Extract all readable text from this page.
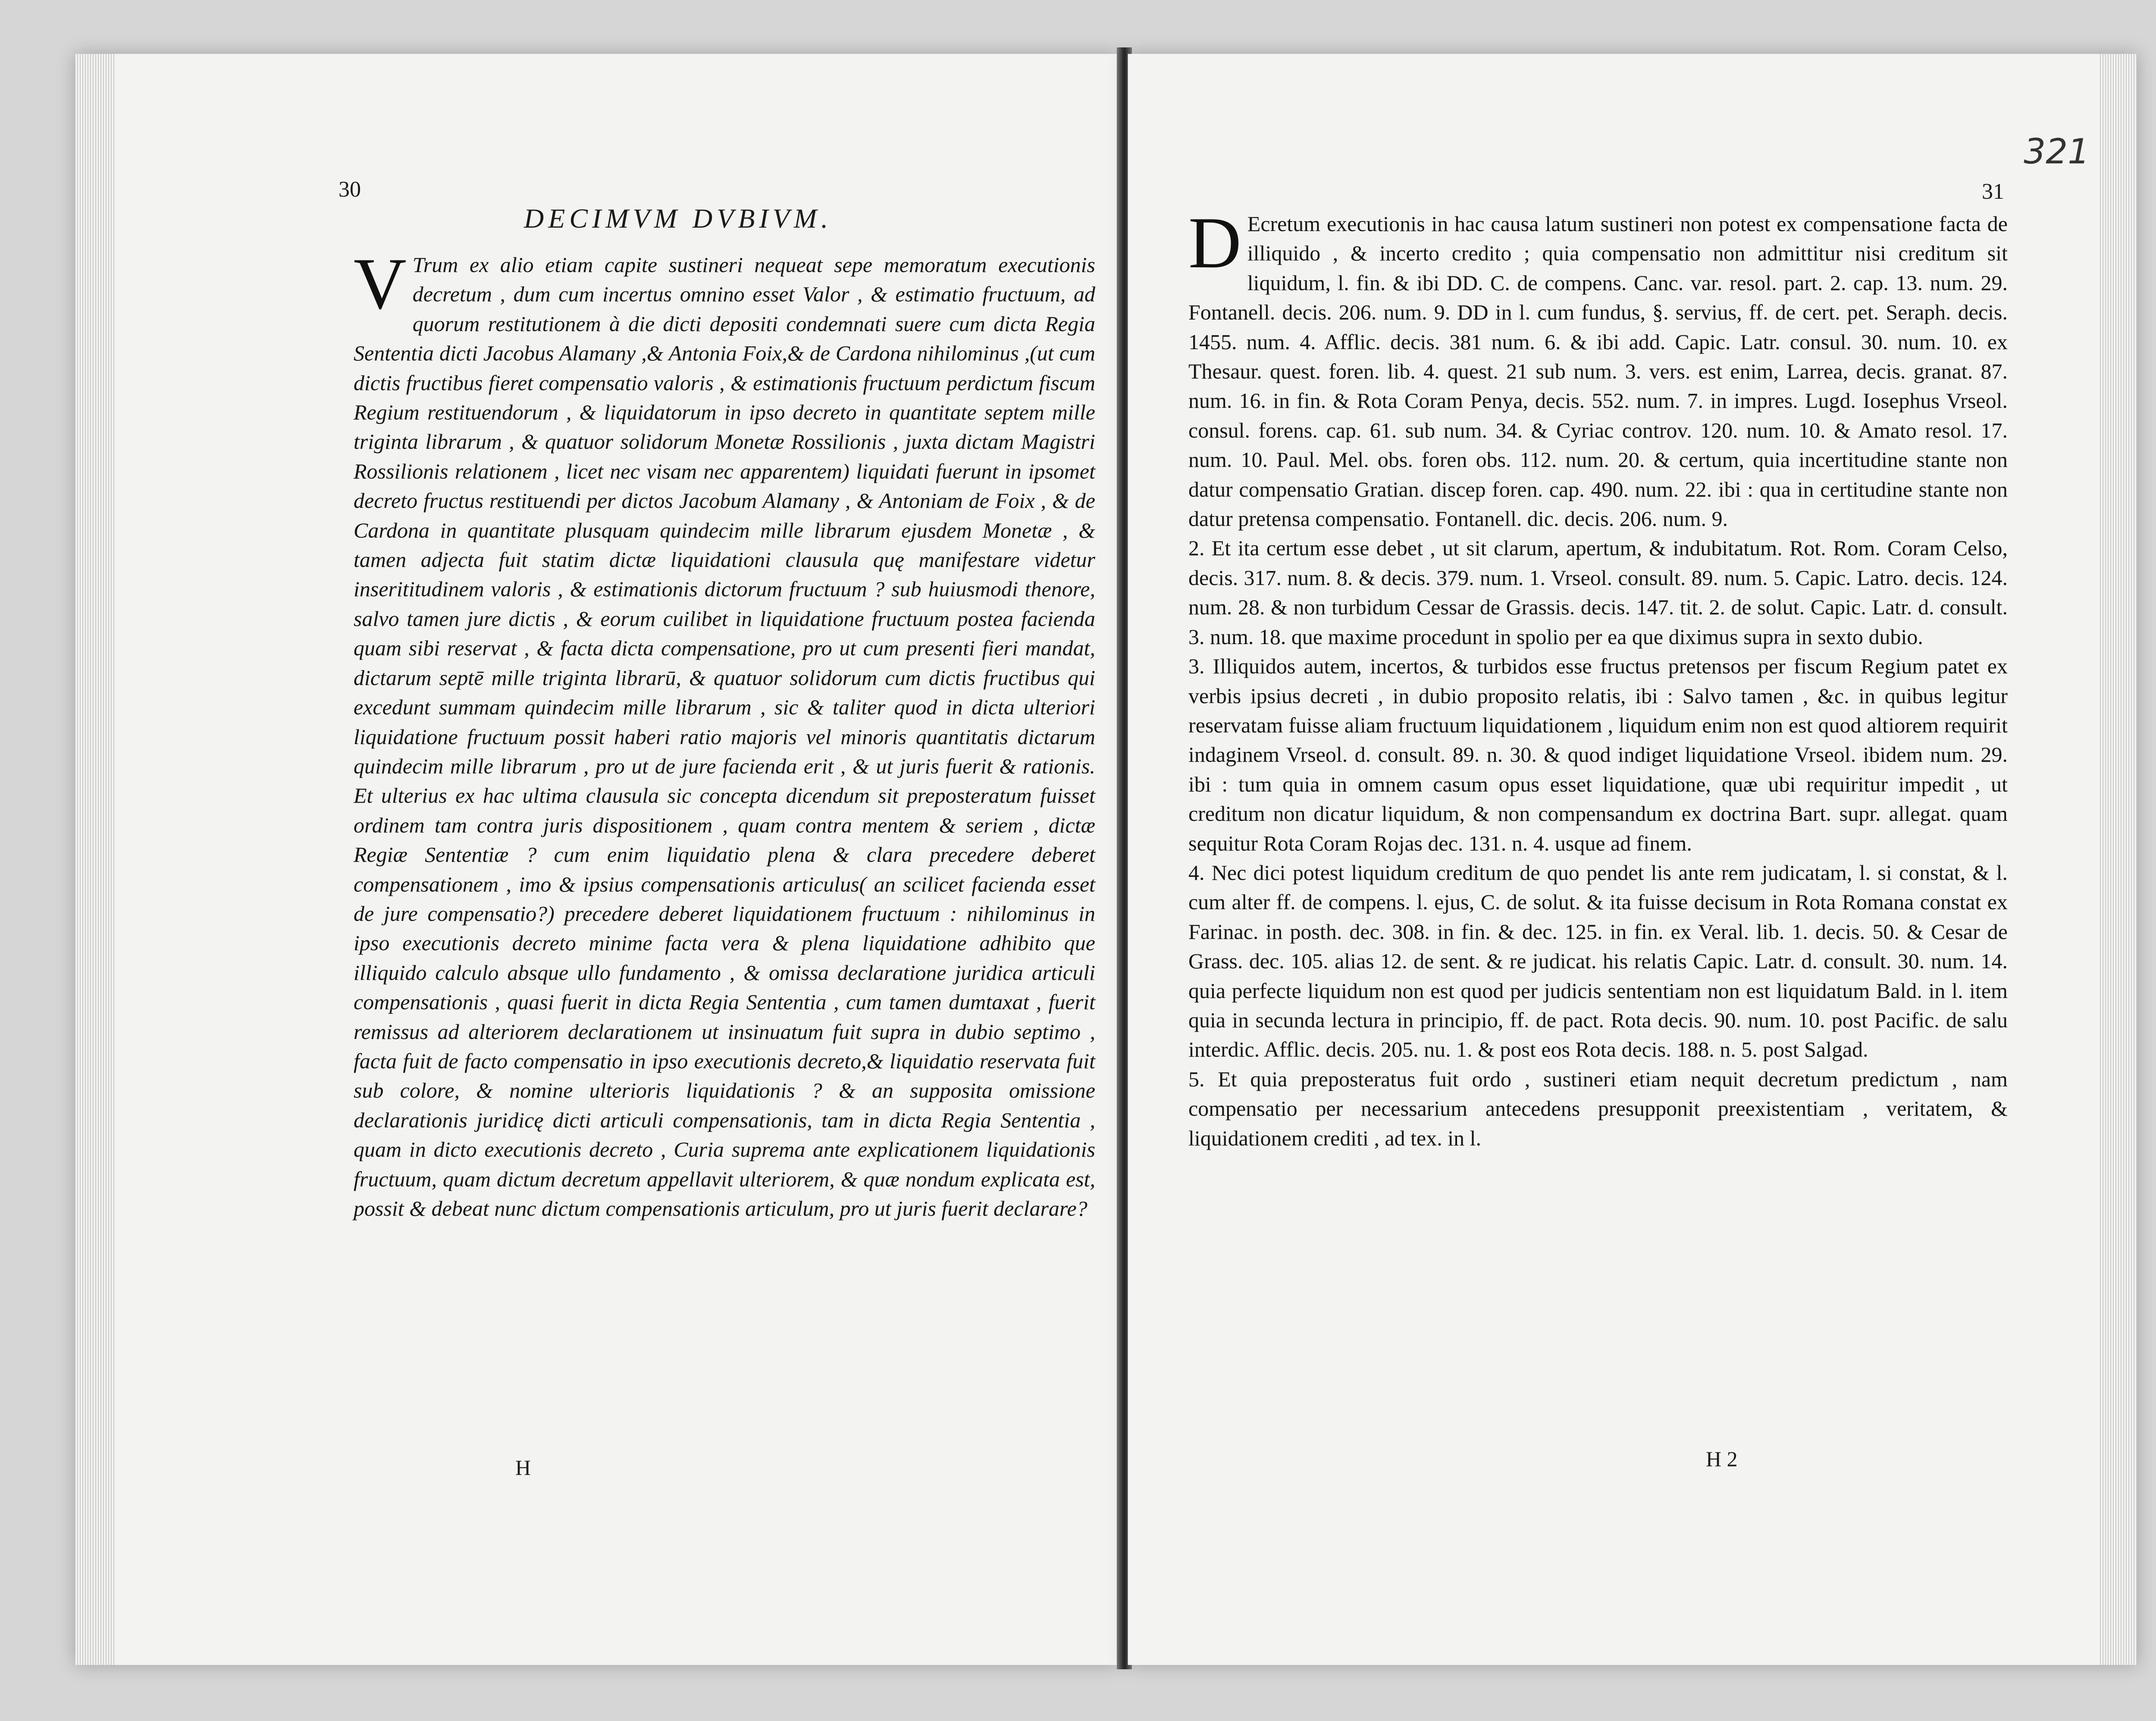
30
DECIMVM DVBIVM.

V Trum ex alio etiam capite sustineri nequeat sepe memoratum executionis decretum , dum cum incertus omnino esset Valor , & estimatio fructuum, ad quorum restitutionem à die dicti depositi condemnati suere cum dicta Regia Sententia dicti Jacobus Alamany ,& Antonia Foix,& de Cardona nihilominus ,(ut cum dictis fructibus fieret compensatio valoris , & estimationis fructuum perdictum fiscum Regium restituendorum , & liquidatorum in ipso decreto in quantitate septem mille triginta librarum , & quatuor solidorum Monetæ Rossilionis , juxta dictam Magistri Rossilionis relationem , licet nec visam nec apparentem) liquidati fuerunt in ipsomet decreto fructus restituendi per dictos Jacobum Alamany , & Antoniam de Foix , & de Cardona in quantitate plusquam quindecim mille librarum ejusdem Monetæ , & tamen adjecta fuit statim dictæ liquidationi clausula quę manifestare videtur inserititudinem valoris , & estimationis dictorum fructuum ? sub huiusmodi thenore, salvo tamen jure dictis , & eorum cuilibet in liquidatione fructuum postea facienda quam sibi reservat , & facta dicta compensatione, pro ut cum presenti fieri mandat, dictarum septē mille triginta librarū, & quatuor solidorum cum dictis fructibus qui excedunt summam quindecim mille librarum , sic & taliter quod in dicta ulteriori liquidatione fructuum possit haberi ratio majoris vel minoris quantitatis dictarum quindecim mille librarum , pro ut de jure facienda erit , & ut juris fuerit & rationis. Et ulterius ex hac ultima clausula sic concepta dicendum sit preposteratum fuisset ordinem tam contra juris dispositionem , quam contra mentem & seriem , dictæ Regiæ Sententiæ ? cum enim liquidatio plena & clara precedere deberet compensationem , imo & ipsius compensationis articulus( an scilicet facienda esset de jure compensatio?) precedere deberet liquidationem fructuum : nihilominus in ipso executionis decreto minime facta vera & plena liquidatione adhibito que illiquido calculo absque ullo fundamento , & omissa declaratione juridica articuli compensationis , quasi fuerit in dicta Regia Sententia , cum tamen dumtaxat , fuerit remissus ad alteriorem declarationem ut insinuatum fuit supra in dubio septimo , facta fuit de facto compensatio in ipso executionis decreto,& liquidatio reservata fuit sub colore, & nomine ulterioris liquidationis ? & an supposita omissione declarationis juridicę dicti articuli compensationis, tam in dicta Regia Sententia , quam in dicto executionis decreto , Curia suprema ante explicationem liquidationis fructuum, quam dictum decretum appellavit ulteriorem, & quæ nondum explicata est, possit & debeat nunc dictum compensationis articulum, pro ut juris fuerit declarare?

H
321
31

D Ecretum executionis in hac causa latum sustineri non potest ex compensatione facta de illiquido , & incerto credito ; quia compensatio non admittitur nisi creditum sit liquidum, l. fin. & ibi DD. C. de compens. Canc. var. resol. part. 2. cap. 13. num. 29. Fontanell. decis. 206. num. 9. DD in l. cum fundus, §. servius, ff. de cert. pet. Seraph. decis. 1455. num. 4. Afflic. decis. 381 num. 6. & ibi add. Capic. Latr. consul. 30. num. 10. ex Thesaur. quest. foren. lib. 4. quest. 21 sub num. 3. vers. est enim, Larrea, decis. granat. 87. num. 16. in fin. & Rota Coram Penya, decis. 552. num. 7. in impres. Lugd. Iosephus Vrseol. consul. forens. cap. 61. sub num. 34. & Cyriac controv. 120. num. 10. & Amato resol. 17. num. 10. Paul. Mel. obs. foren obs. 112. num. 20. & certum, quia incertitudine stante non datur compensatio Gratian. discep foren. cap. 490. num. 22. ibi : qua in certitudine stante non datur pretensa compensatio. Fontanell. dic. decis. 206. num. 9.

2. Et ita certum esse debet , ut sit clarum, apertum, & indubitatum. Rot. Rom. Coram Celso, decis. 317. num. 8. & decis. 379. num. 1. Vrseol. consult. 89. num. 5. Capic. Latro. decis. 124. num. 28. & non turbidum Cessar de Grassis. decis. 147. tit. 2. de solut. Capic. Latr. d. consult. 3. num. 18. que maxime procedunt in spolio per ea que diximus supra in sexto dubio.

3. Illiquidos autem, incertos, & turbidos esse fructus pretensos per fiscum Regium patet ex verbis ipsius decreti , in dubio proposito relatis, ibi : Salvo tamen , &c. in quibus legitur reservatam fuisse aliam fructuum liquidationem , liquidum enim non est quod altiorem requirit indaginem Vrseol. d. consult. 89. n. 30. & quod indiget liquidatione Vrseol. ibidem num. 29. ibi : tum quia in omnem casum opus esset liquidatione, quæ ubi requiritur impedit , ut creditum non dicatur liquidum, & non compensandum ex doctrina Bart. supr. allegat. quam sequitur Rota Coram Rojas dec. 131. n. 4. usque ad finem.

4. Nec dici potest liquidum creditum de quo pendet lis ante rem judicatam, l. si constat, & l. cum alter ff. de compens. l. ejus, C. de solut. & ita fuisse decisum in Rota Romana constat ex Farinac. in posth. dec. 308. in fin. & dec. 125. in fin. ex Veral. lib. 1. decis. 50. & Cesar de Grass. dec. 105. alias 12. de sent. & re judicat. his relatis Capic. Latr. d. consult. 30. num. 14. quia perfecte liquidum non est quod per judicis sententiam non est liquidatum Bald. in l. item quia in secunda lectura in principio, ff. de pact. Rota decis. 90. num. 10. post Pacific. de salu interdic. Afflic. decis. 205. nu. 1. & post eos Rota decis. 188. n. 5. post Salgad.

5. Et quia preposteratus fuit ordo , sustineri etiam nequit decretum predictum , nam compensatio per necessarium antecedens presupponit preexistentiam , veritatem, & liquidationem crediti , ad tex. in l.

H 2
